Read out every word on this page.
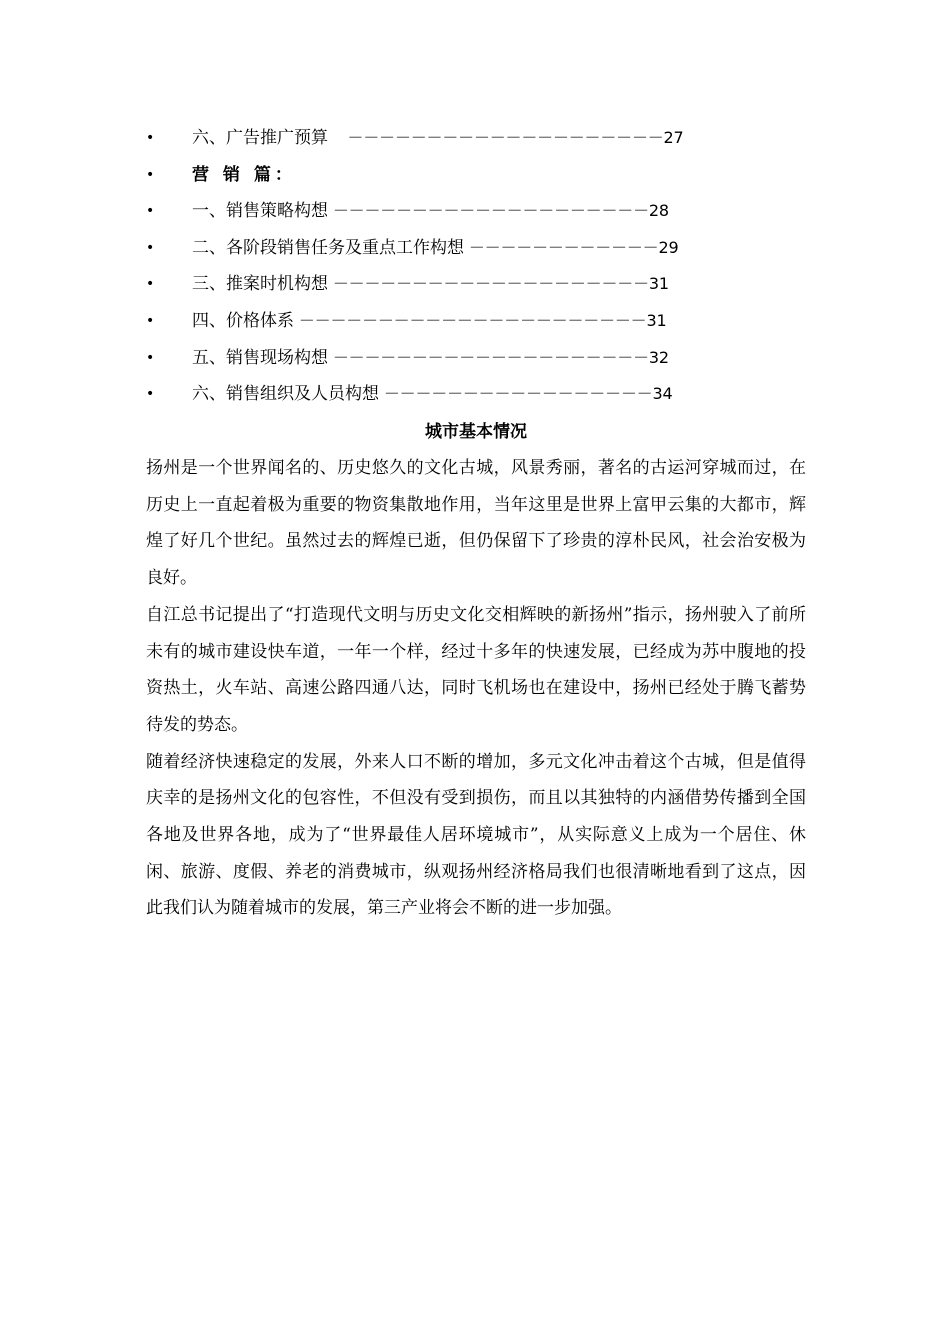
• 六、广告推广预算    －－－－－－－－－－－－－－－－－－－－27
• 营 销 篇：
• 一、销售策略构想 －－－－－－－－－－－－－－－－－－－－28
• 二、各阶段销售任务及重点工作构想 －－－－－－－－－－－－29
• 三、推案时机构想 －－－－－－－－－－－－－－－－－－－－31
• 四、价格体系 －－－－－－－－－－－－－－－－－－－－－－31
• 五、销售现场构想 －－－－－－－－－－－－－－－－－－－－32
• 六、销售组织及人员构想 －－－－－－－－－－－－－－－－－34
城市基本情况

扬州是一个世界闻名的、历史悠久的文化古城，风景秀丽，著名的古运河穿城而过，在历史上一直起着极为重要的物资集散地作用，当年这里是世界上富甲云集的大都市，辉煌了好几个世纪。虽然过去的辉煌已逝，但仍保留下了珍贵的淳朴民风，社会治安极为良好。

自江总书记提出了“打造现代文明与历史文化交相辉映的新扬州”指示，扬州驶入了前所未有的城市建设快车道，一年一个样，经过十多年的快速发展，已经成为苏中腹地的投资热土，火车站、高速公路四通八达，同时飞机场也在建设中，扬州已经处于腾飞蓄势待发的势态。

随着经济快速稳定的发展，外来人口不断的增加，多元文化冲击着这个古城，但是值得庆幸的是扬州文化的包容性，不但没有受到损伤，而且以其独特的内涵借势传播到全国各地及世界各地，成为了“世界最佳人居环境城市”，从实际意义上成为一个居住、休闲、旅游、度假、养老的消费城市，纵观扬州经济格局我们也很清晰地看到了这点，因此我们认为随着城市的发展，第三产业将会不断的进一步加强。
